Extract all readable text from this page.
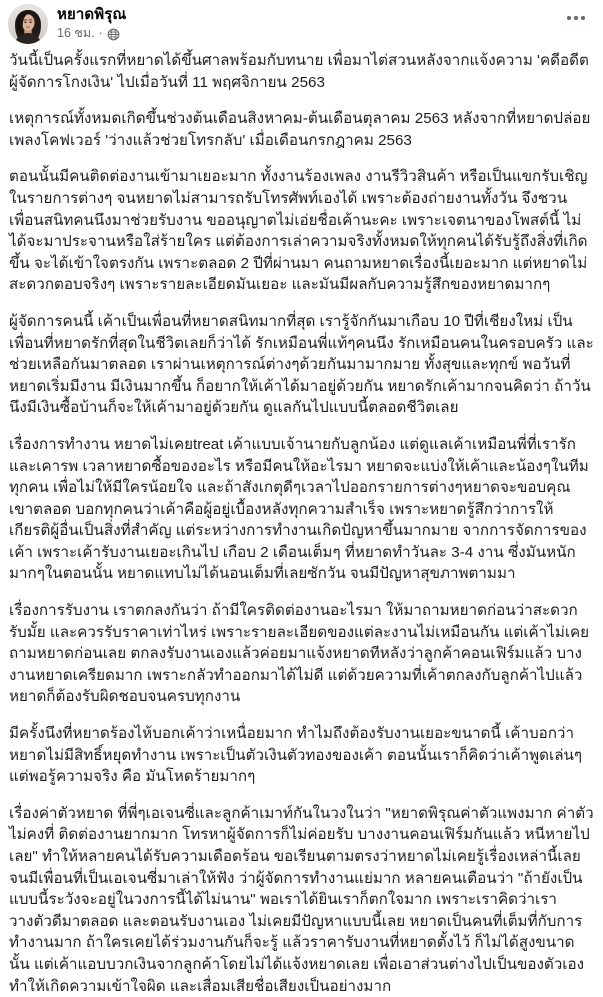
หยาดพิรุณ
16 ชม. ·

วันนี้เป็นครั้งแรกที่หยาดได้ขึ้นศาลพร้อมกับทนาย เพื่อมาไต่สวนหลังจากแจ้งความ 'คดีอดีตผู้จัดการโกงเงิน' ไปเมื่อวันที่ 11 พฤศจิกายน 2563

เหตุการณ์ทั้งหมดเกิดขึ้นช่วงต้นเดือนสิงหาคม-ต้นเดือนตุลาคม 2563 หลังจากที่หยาดปล่อยเพลงโคฟเวอร์ 'ว่างแล้วช่วยโทรกลับ' เมื่อเดือนกรกฎาคม 2563

ตอนนั้นมีคนติดต่องานเข้ามาเยอะมาก ทั้งงานร้องเพลง งานรีวิวสินค้า หรือเป็นแขกรับเชิญในรายการต่างๆ จนหยาดไม่สามารถรับโทรศัพท์เองได้ เพราะต้องถ่ายงานทั้งวัน จึงชวนเพื่อนสนิทคนนึงมาช่วยรับงาน ขออนุญาตไม่เอ่ยชื่อเค้านะคะ เพราะเจตนาของโพสต์นี้ ไม่ได้จะมาประจานหรือใส่ร้ายใคร แต่ต้องการเล่าความจริงทั้งหมดให้ทุกคนได้รับรู้ถึงสิ่งที่เกิดขึ้น จะได้เข้าใจตรงกัน เพราะตลอด 2 ปีที่ผ่านมา คนถามหยาดเรื่องนี้เยอะมาก แต่หยาดไม่สะดวกตอบจริงๆ เพราะรายละเอียดมันเยอะ และมันมีผลกับความรู้สึกของหยาดมากๆ

ผู้จัดการคนนี้ เค้าเป็นเพื่อนที่หยาดสนิทมากที่สุด เรารู้จักกันมาเกือบ 10 ปีที่เชียงใหม่ เป็นเพื่อนที่หยาดรักที่สุดในชีวิตเลยก็ว่าได้ รักเหมือนพี่แท้ๆคนนึง รักเหมือนคนในครอบครัว และช่วยเหลือกันมาตลอด เราผ่านเหตุการณ์ต่างๆด้วยกันมามากมาย ทั้งสุขและทุกข์ พอวันที่หยาดเริ่มมีงาน มีเงินมากขึ้น ก็อยากให้เค้าได้มาอยู่ด้วยกัน หยาดรักเค้ามากจนคิดว่า ถ้าวันนึงมีเงินซื้อบ้านก็จะให้เค้ามาอยู่ด้วยกัน ดูแลกันไปแบบนี้ตลอดชีวิตเลย

เรื่องการทำงาน หยาดไม่เคยtreat เค้าแบบเจ้านายกับลูกน้อง แต่ดูแลเค้าเหมือนพี่ที่เรารักและเคารพ เวลาหยาดซื้อของอะไร หรือมีคนให้อะไรมา หยาดจะแบ่งให้เค้าและน้องๆในทีมทุกคน เพื่อไม่ให้มีใครน้อยใจ และถ้าสังเกตุดีๆเวลาไปออกรายการต่างๆหยาดจะขอบคุณเขาตลอด บอกทุกคนว่าเค้าคือผู้อยู่เบื้องหลังทุกความสำเร็จ เพราะหยาดรู้สึกว่าการให้เกียรติผู้อื่นเป็นสิ่งที่สำคัญ แต่ระหว่างการทำงานเกิดปัญหาขึ้นมากมาย จากการจัดการของเค้า เพราะเค้ารับงานเยอะเกินไป เกือบ 2 เดือนเต็มๆ ที่หยาดทำวันละ 3-4 งาน ซึ่งมันหนักมากๆในตอนนั้น หยาดแทบไม่ได้นอนเต็มที่เลยซักวัน จนมีปัญหาสุขภาพตามมา

เรื่องการรับงาน เราตกลงกันว่า ถ้ามีใครติดต่องานอะไรมา ให้มาถามหยาดก่อนว่าสะดวกรับมั้ย และควรรับราคาเท่าไหร่ เพราะรายละเอียดของแต่ละงานไม่เหมือนกัน แต่เค้าไม่เคยถามหยาดก่อนเลย ตกลงรับงานเองแล้วค่อยมาแจ้งหยาดทีหลังว่าลูกค้าคอนเฟิร์มแล้ว บางงานหยาดเครียดมาก เพราะกลัวทำออกมาได้ไม่ดี แต่ด้วยความที่เค้าตกลงกับลูกค้าไปแล้ว หยาดก็ต้องรับผิดชอบจนครบทุกงาน

มีครั้งนึงที่หยาดร้องไห้บอกเค้าว่าเหนื่อยมาก ทำไมถึงต้องรับงานเยอะขนาดนี้ เค้าบอกว่าหยาดไม่มีสิทธิ์หยุดทำงาน เพราะเป็นตัวเงินตัวทองของเค้า ตอนนั้นเราก็คิดว่าเค้าพูดเล่นๆ แต่พอรู้ความจริง คือ มันโหดร้ายมากๆ

เรื่องค่าตัวหยาด ที่พี่ๆเอเจนซี่และลูกค้าเมาท์กันในวงในว่า "หยาดพิรุณค่าตัวแพงมาก ค่าตัวไม่คงที่ ติดต่องานยากมาก โทรหาผู้จัดการก็ไม่ค่อยรับ บางงานคอนเฟิร์มกันแล้ว หนีหายไปเลย" ทำให้หลายคนได้รับความเดือดร้อน ขอเรียนตามตรงว่าหยาดไม่เคยรู้เรื่องเหล่านี้เลย จนมีเพื่อนที่เป็นเอเจนซี่มาเล่าให้ฟัง ว่าผู้จัดการทำงานแย่มาก หลายคนเตือนว่า "ถ้ายังเป็นแบบนี้ระวังจะอยู่ในวงการนี้ได้ไม่นาน" พอเราได้ยินเราก็ตกใจมาก เพราะเราคิดว่าเราวางตัวดีมาตลอด และตอนรับงานเอง ไม่เคยมีปัญหาแบบนี้เลย หยาดเป็นคนที่เต็มที่กับการทำงานมาก ถ้าใครเคยได้ร่วมงานกันก็จะรู้ แล้วราคารับงานที่หยาดตั้งไว้ ก็ไม่ได้สูงขนาดนั้น แต่เค้าแอบบวกเงินจากลูกค้าโดยไม่ได้แจ้งหยาดเลย เพื่อเอาส่วนต่างไปเป็นของตัวเอง ทำให้เกิดความเข้าใจผิด และเสื่อมเสียชื่อเสียงเป็นอย่างมาก
